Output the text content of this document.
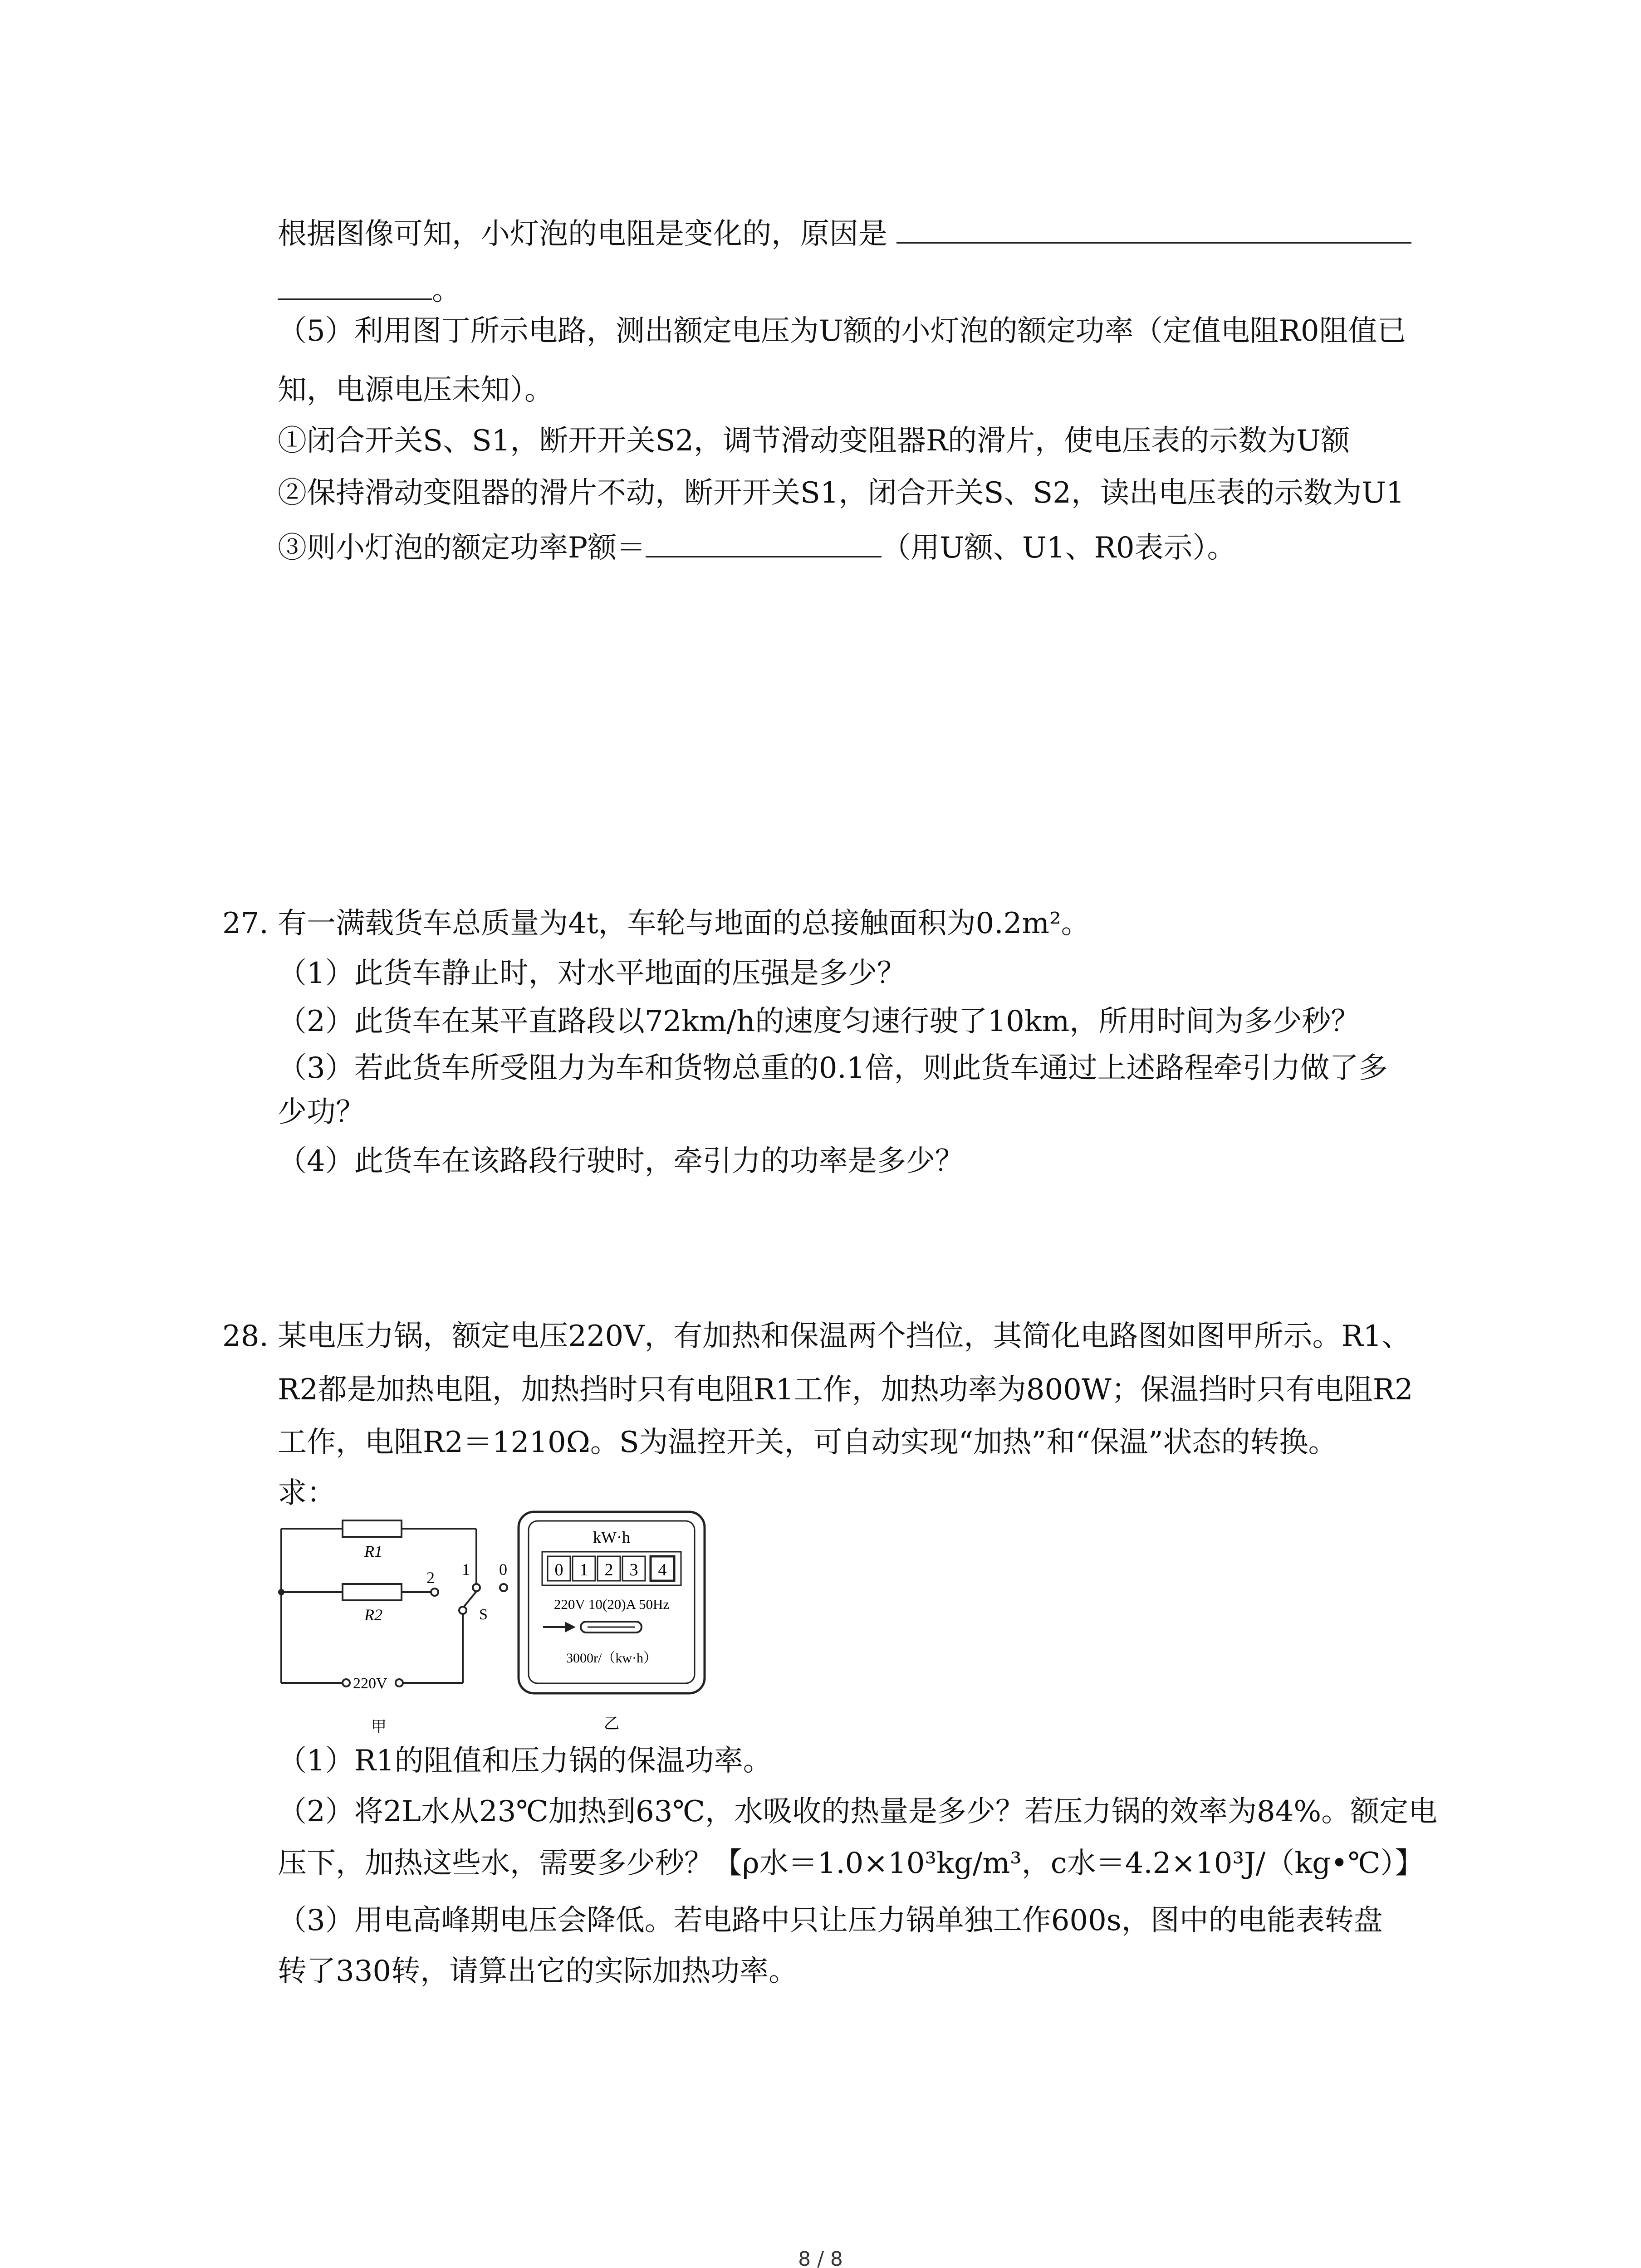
根据图像可知，小灯泡的电阻是变化的，原因是
。
（5）利用图丁所示电路，测出额定电压为U额的小灯泡的额定功率（定值电阻R0阻值已
知，电源电压未知）。
①闭合开关S、S1，断开开关S2，调节滑动变阻器R的滑片，使电压表的示数为U额
②保持滑动变阻器的滑片不动，断开开关S1，闭合开关S、S2，读出电压表的示数为U1
③则小灯泡的额定功率P额＝	（用U额、U1、R0表示）。
27. 有一满载货车总质量为4t，车轮与地面的总接触面积为0.2m²。
（1）此货车静止时，对水平地面的压强是多少？
（2）此货车在某平直路段以72km/h的速度匀速行驶了10km，所用时间为多少秒？
（3）若此货车所受阻力为车和货物总重的0.1倍，则此货车通过上述路程牵引力做了多
少功？
（4）此货车在该路段行驶时，牵引力的功率是多少？
28. 某电压力锅，额定电压220V，有加热和保温两个挡位，其简化电路图如图甲所示。R1、
R2都是加热电阻，加热挡时只有电阻R1工作，加热功率为800W；保温挡时只有电阻R2
工作，电阻R2＝1210Ω。S为温控开关，可自动实现“加热”和“保温”状态的转换。
求：
R1
R2
1 0
2
S
220V
甲
kW·h
0 1 2 3 4
220V 10(20)A 50Hz
3000r/（kw·h）
乙
（1）R1的阻值和压力锅的保温功率。
（2）将2L水从23℃加热到63℃，水吸收的热量是多少？若压力锅的效率为84%。额定电
压下，加热这些水，需要多少秒？【ρ水＝1.0×10³kg/m³，c水＝4.2×10³J/（kg•℃）】
（3）用电高峰期电压会降低。若电路中只让压力锅单独工作600s，图中的电能表转盘
转了330转，请算出它的实际加热功率。
8 / 8
